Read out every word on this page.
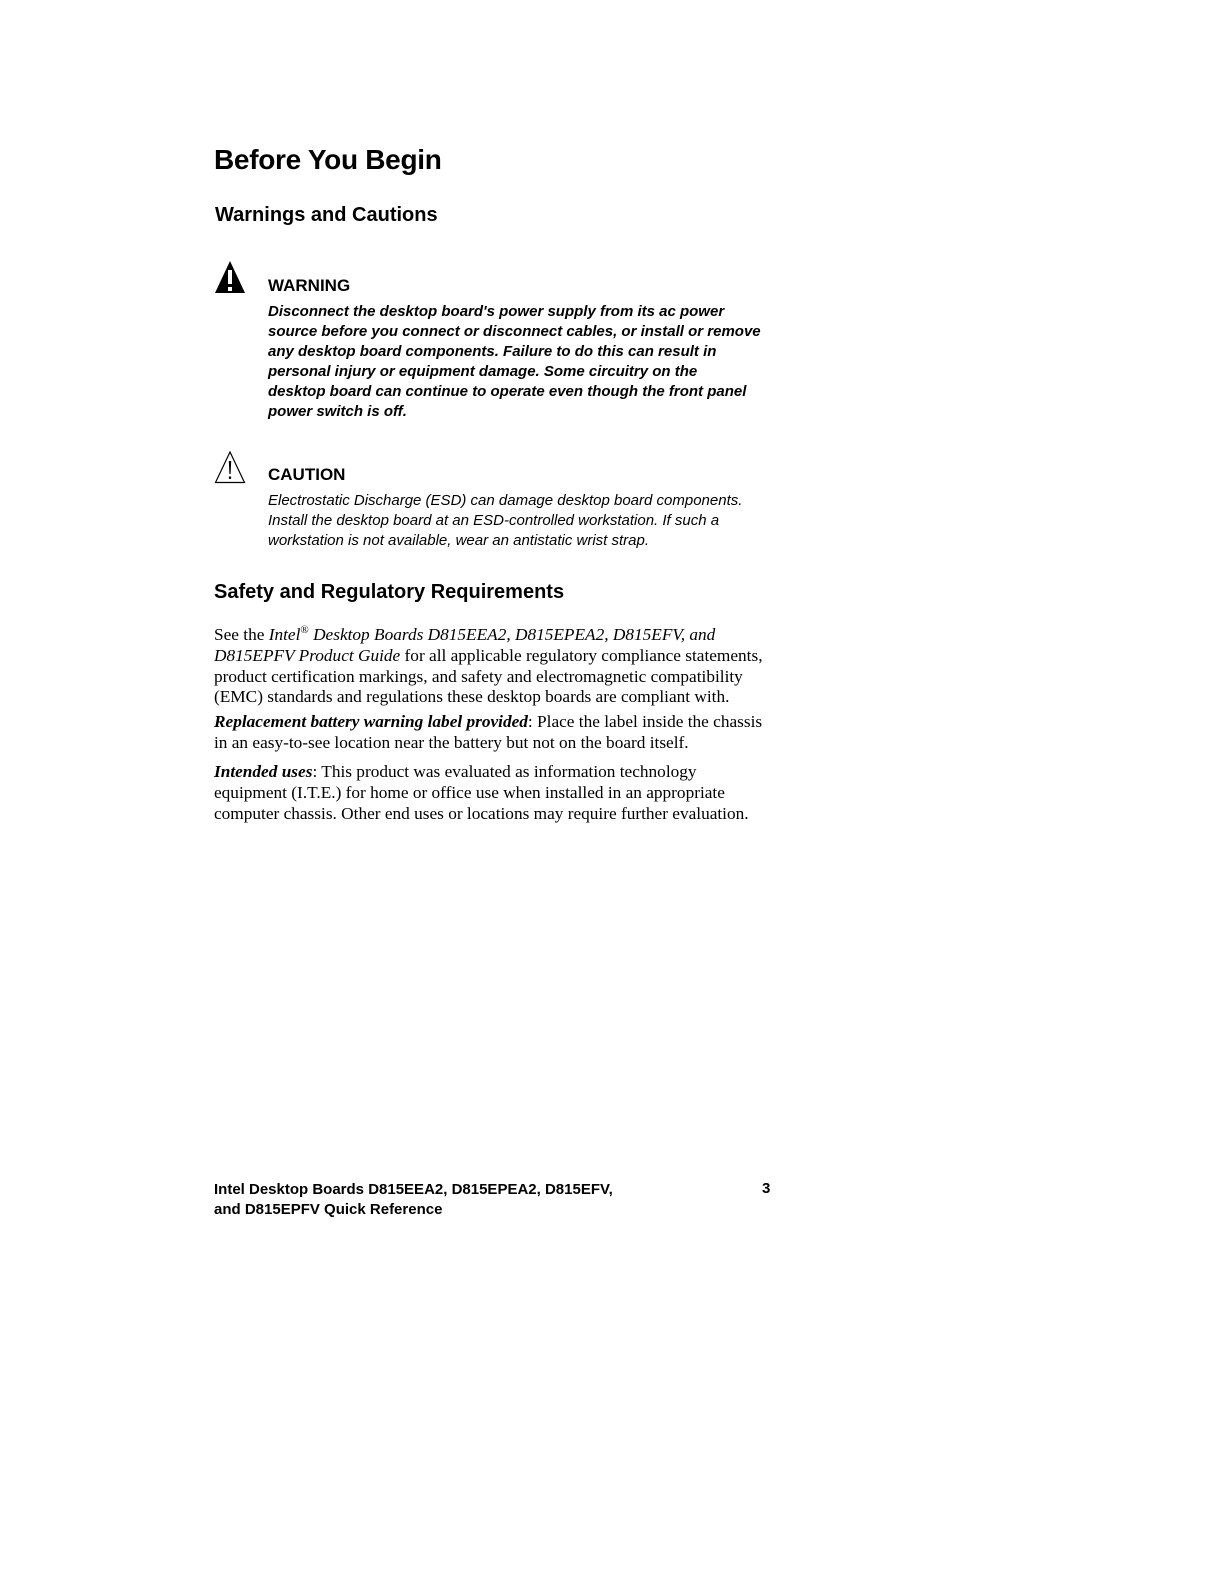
Before You Begin
Warnings and Cautions
WARNING
Disconnect the desktop board's power supply from its ac power
source before you connect or disconnect cables, or install or remove
any desktop board components. Failure to do this can result in
personal injury or equipment damage. Some circuitry on the
desktop board can continue to operate even though the front panel
power switch is off.
CAUTION
Electrostatic Discharge (ESD) can damage desktop board components.
Install the desktop board at an ESD-controlled workstation. If such a
workstation is not available, wear an antistatic wrist strap.
Safety and Regulatory Requirements
See the Intel® Desktop Boards D815EEA2, D815EPEA2, D815EFV, and
D815EPFV Product Guide for all applicable regulatory compliance statements,
product certification markings, and safety and electromagnetic compatibility
(EMC) standards and regulations these desktop boards are compliant with.
Replacement battery warning label provided: Place the label inside the chassis
in an easy-to-see location near the battery but not on the board itself.
Intended uses: This product was evaluated as information technology
equipment (I.T.E.) for home or office use when installed in an appropriate
computer chassis. Other end uses or locations may require further evaluation.
Intel Desktop Boards D815EEA2, D815EPEA2, D815EFV,
and D815EPFV Quick Reference
3
